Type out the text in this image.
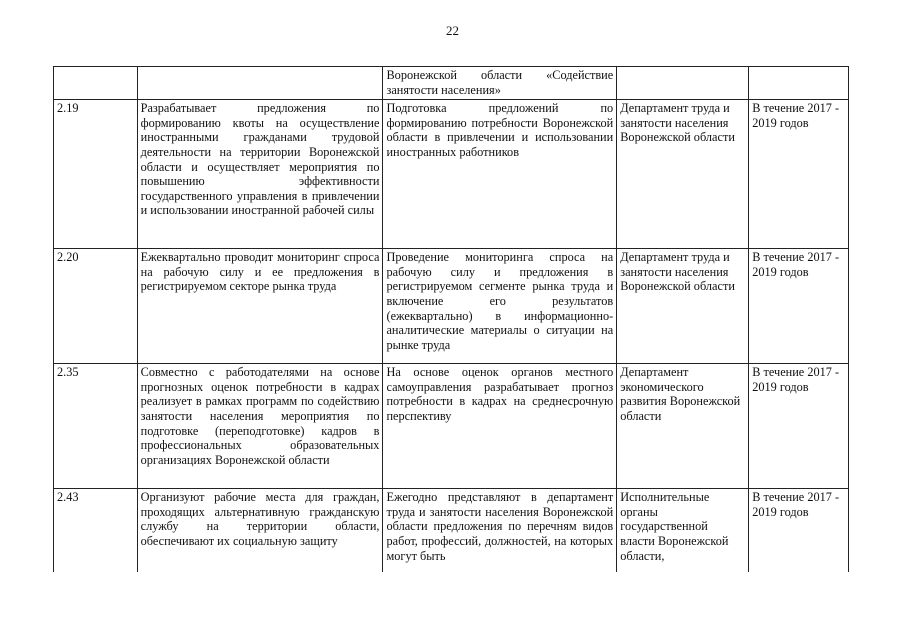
22

		Воронежской области «Содействие занятости населения»		

2.19	Разрабатывает предложения по формированию квоты на осуществление иностранными гражданами трудовой деятельности на территории Воронежской области и осуществляет мероприятия по повышению эффективности государственного управления в привлечении и использовании иностранной рабочей силы	Подготовка предложений по формированию потребности Воронежской области в привлечении и использовании иностранных работников	Департамент труда и занятости населения Воронежской области	В течение 2017 - 2019 годов
2.20	Ежеквартально проводит мониторинг спроса на рабочую силу и ее предложения в регистрируемом секторе рынка труда	Проведение мониторинга спроса на рабочую силу и предложения в регистрируемом сегменте рынка труда и включение его результатов (ежеквартально) в информационно-аналитические материалы о ситуации на рынке труда	Департамент труда и занятости населения Воронежской области	В течение 2017 - 2019 годов
2.35	Совместно с работодателями на основе прогнозных оценок потребности в кадрах реализует в рамках программ по содействию занятости населения мероприятия по подготовке (переподготовке) кадров в профессиональных образовательных организациях Воронежской области	На основе оценок органов местного самоуправления разрабатывает прогноз потребности в кадрах на среднесрочную перспективу	Департамент экономического развития Воронежской области	В течение 2017 - 2019 годов
2.43	Организуют рабочие места для граждан, проходящих альтернативную гражданскую службу на территории области, обеспечивают их социальную защиту	Ежегодно представляют в департамент труда и занятости населения Воронежской области предложения по перечням видов работ, профессий, должностей, на которых могут быть	Исполнительные органы государственной власти Воронежской области,	В течение 2017 - 2019 годов
